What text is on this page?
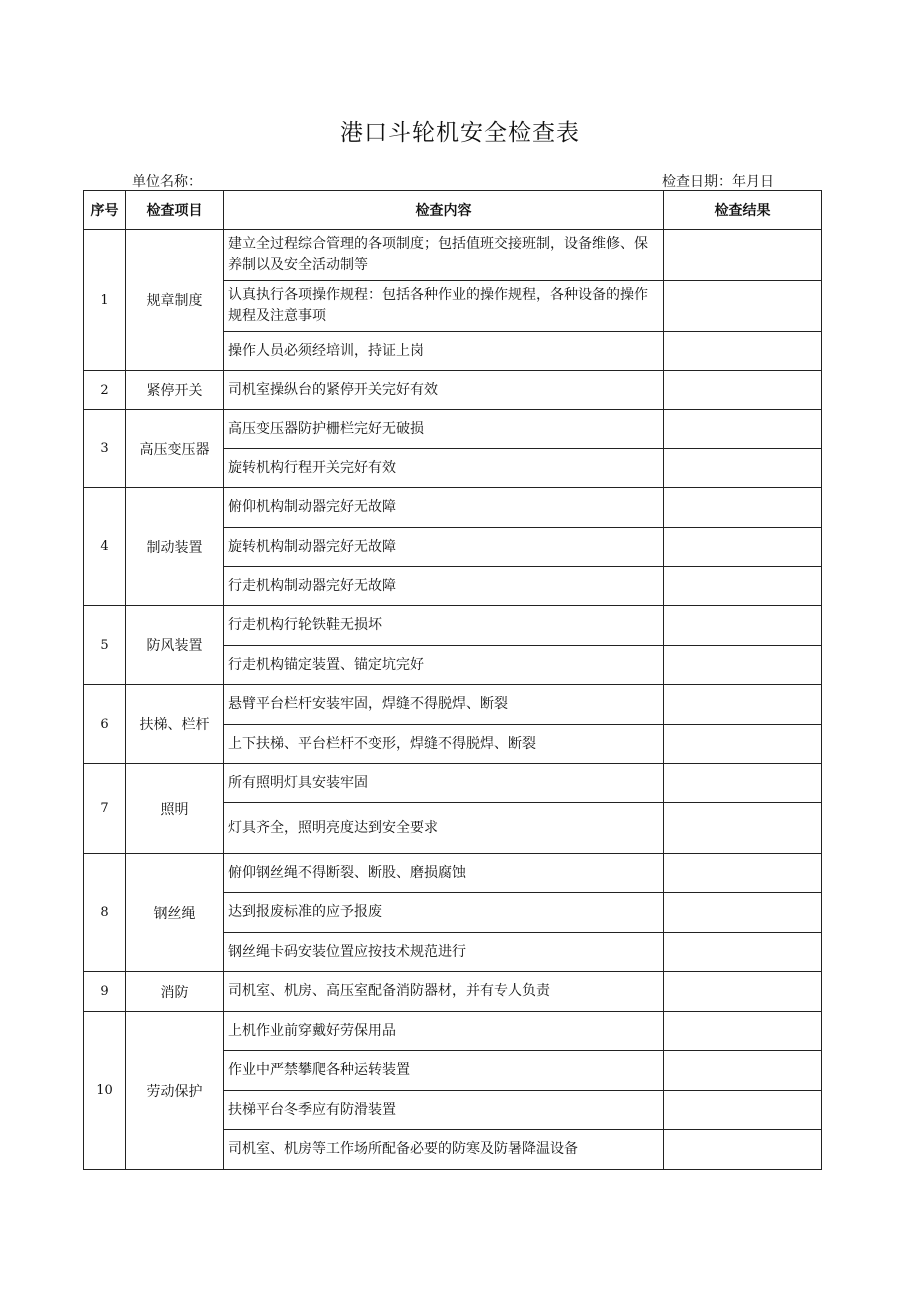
港口斗轮机安全检查表
单位名称：	检查日期：年月日
序号	检查项目	检查内容	检查结果
1	规章制度	建立全过程综合管理的各项制度；包括值班交接班制，设备维修、保养制以及安全活动制等	
		认真执行各项操作规程：包括各种作业的操作规程，各种设备的操作规程及注意事项	
		操作人员必须经培训，持证上岗	
2	紧停开关	司机室操纵台的紧停开关完好有效	
3	高压变压器	高压变压器防护栅栏完好无破损	
		旋转机构行程开关完好有效	
4	制动装置	俯仰机构制动器完好无故障	
		旋转机构制动器完好无故障	
		行走机构制动器完好无故障	
5	防风装置	行走机构行轮铁鞋无损坏	
		行走机构锚定装置、锚定坑完好	
6	扶梯、栏杆	悬臂平台栏杆安装牢固，焊缝不得脱焊、断裂	
		上下扶梯、平台栏杆不变形，焊缝不得脱焊、断裂	
7	照明	所有照明灯具安装牢固	
		灯具齐全，照明亮度达到安全要求	
8	钢丝绳	俯仰钢丝绳不得断裂、断股、磨损腐蚀	
		达到报废标准的应予报废	
		钢丝绳卡码安装位置应按技术规范进行	
9	消防	司机室、机房、高压室配备消防器材，并有专人负责	
10	劳动保护	上机作业前穿戴好劳保用品	
		作业中严禁攀爬各种运转装置	
		扶梯平台冬季应有防滑装置	
		司机室、机房等工作场所配备必要的防寒及防暑降温设备	
